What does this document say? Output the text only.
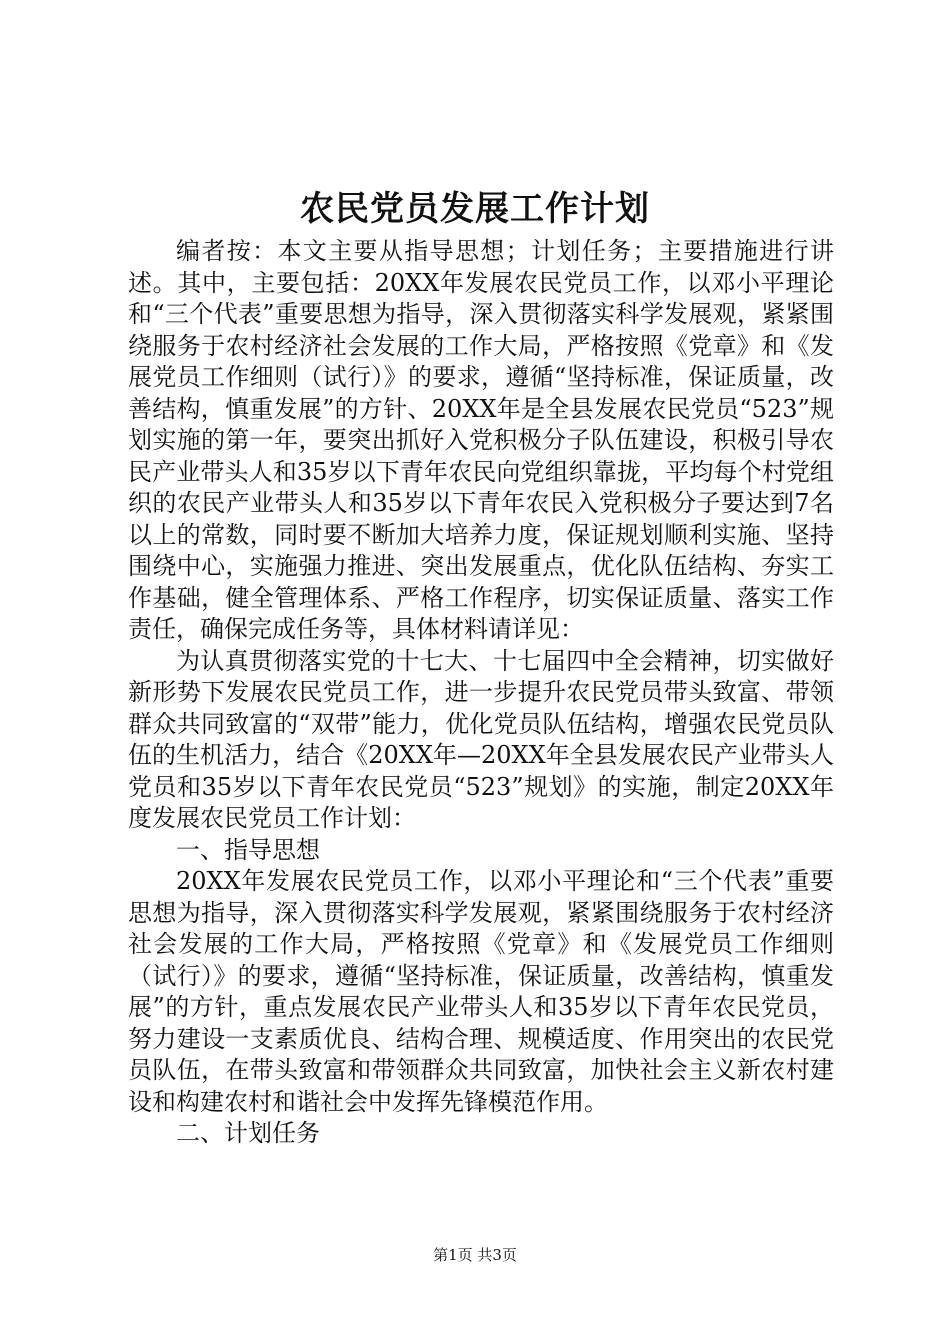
农民党员发展工作计划

编者按：本文主要从指导思想；计划任务；主要措施进行讲述。其中，主要包括：20XX年发展农民党员工作，以邓小平理论和“三个代表”重要思想为指导，深入贯彻落实科学发展观，紧紧围绕服务于农村经济社会发展的工作大局，严格按照《党章》和《发展党员工作细则（试行）》的要求，遵循“坚持标准，保证质量，改善结构，慎重发展”的方针、20XX年是全县发展农民党员“523”规划实施的第一年，要突出抓好入党积极分子队伍建设，积极引导农民产业带头人和35岁以下青年农民向党组织靠拢，平均每个村党组织的农民产业带头人和35岁以下青年农民入党积极分子要达到7名以上的常数，同时要不断加大培养力度，保证规划顺利实施、坚持围绕中心，实施强力推进、突出发展重点，优化队伍结构、夯实工作基础，健全管理体系、严格工作程序，切实保证质量、落实工作责任，确保完成任务等，具体材料请详见：

为认真贯彻落实党的十七大、十七届四中全会精神，切实做好新形势下发展农民党员工作，进一步提升农民党员带头致富、带领群众共同致富的“双带”能力，优化党员队伍结构，增强农民党员队伍的生机活力，结合《20XX年—20XX年全县发展农民产业带头人党员和35岁以下青年农民党员“523”规划》的实施，制定20XX年度发展农民党员工作计划：

一、指导思想

20XX年发展农民党员工作，以邓小平理论和“三个代表”重要思想为指导，深入贯彻落实科学发展观，紧紧围绕服务于农村经济社会发展的工作大局，严格按照《党章》和《发展党员工作细则（试行）》的要求，遵循“坚持标准，保证质量，改善结构，慎重发展”的方针，重点发展农民产业带头人和35岁以下青年农民党员，努力建设一支素质优良、结构合理、规模适度、作用突出的农民党员队伍，在带头致富和带领群众共同致富，加快社会主义新农村建设和构建农村和谐社会中发挥先锋模范作用。

二、计划任务

第1页 共3页
